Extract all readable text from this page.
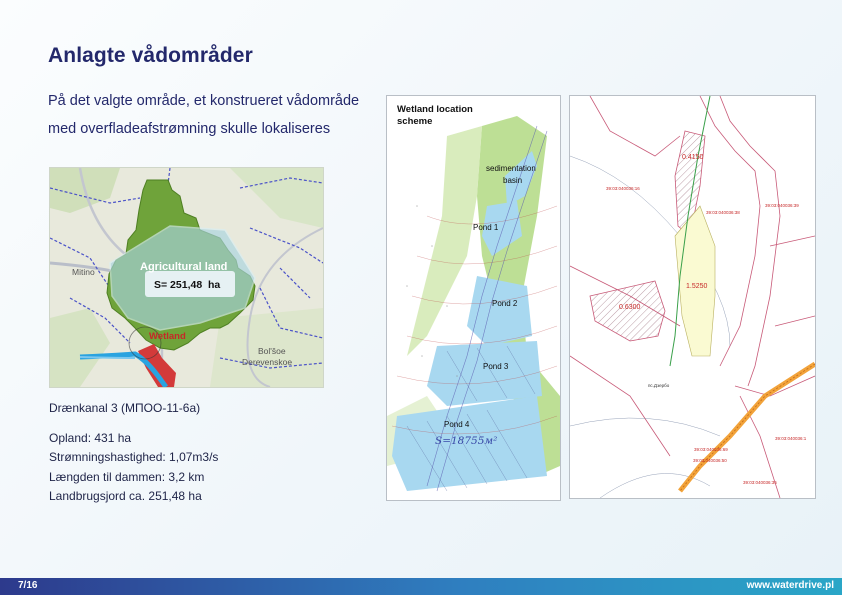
Anlagte vådområder
På det valgte område, et konstrueret vådområde
med overfladeafstrømning skulle lokaliseres
Agricultural land
S= 251,48  ha
Wetland
Mitino
Bol'šoe
Derevenskoe
Drænkanal 3 (МПОО-11-6а)
Opland: 431 ha
Strømningshastighed: 1,07m3/s
Længden til dammen: 3,2 km
Landbrugsjord ca. 251,48 ha
Wetland location
scheme
sedimentation
basin
Pond 1
Pond 2
Pond 3
Pond 4
S=18755м²
0.4150
0.6300
1.5250
39:03:040036:16
39:03:040036:39
39:03:040036:38
39:03:040036:1
39:03:040036:69
39:03:040036:50
39:03:040036:36
пс.Дзербо
7/16	www.waterdrive.pl
